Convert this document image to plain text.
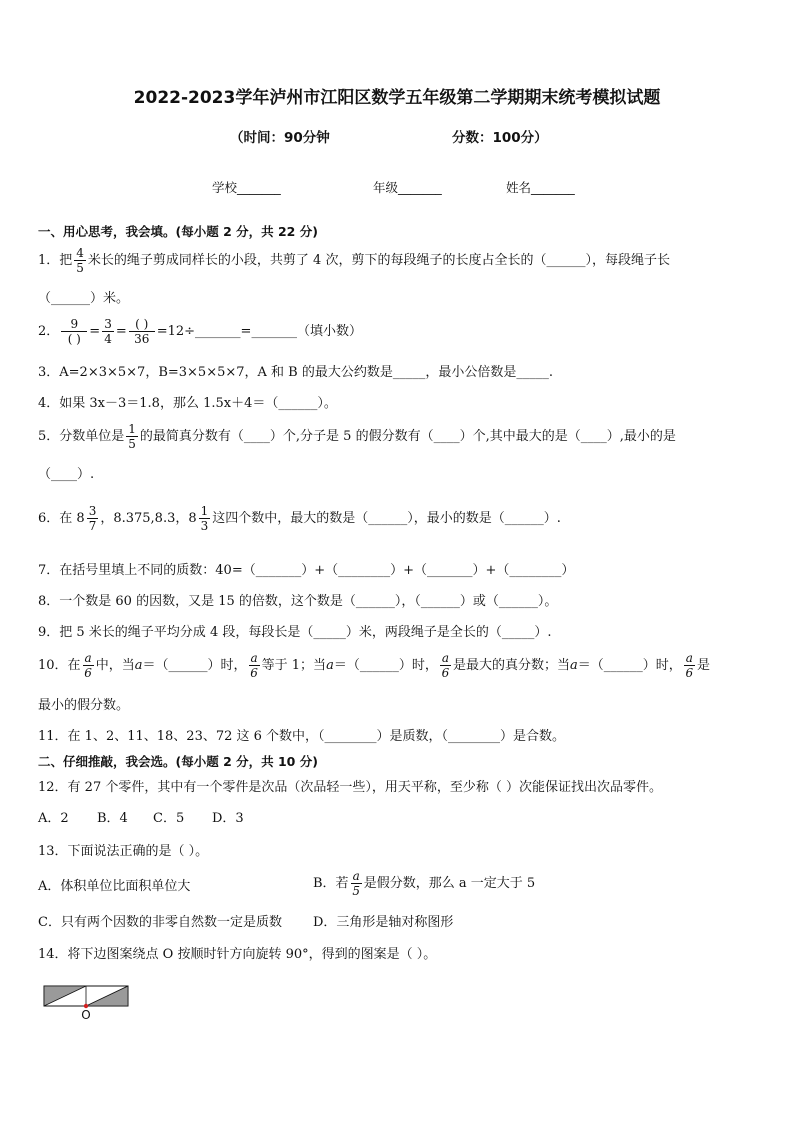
2022-2023学年泸州市江阳区数学五年级第二学期期末统考模拟试题
（时间：90分钟	分数：100分）
学校_______	年级_______	姓名_______
一、用心思考，我会填。(每小题 2 分，共 22 分)
1．把 $\frac{4}{5}$ 米长的绳子剪成同样长的小段，共剪了 4 次，剪下的每段绳子的长度占全长的（______），每段绳子长
（______）米。
2． $\frac{9}{( )} = \frac{3}{4} = \frac{( )}{36}$ =12÷_______=_______（填小数）
3．A=2×3×5×7，B=3×5×5×7，A 和 B 的最大公约数是_____，最小公倍数是_____.
4．如果 3x－3＝1.8，那么 1.5x＋4＝（______）。
5．分数单位是 $\frac{1}{5}$ 的最简真分数有（____）个,分子是 5 的假分数有（____）个,其中最大的是（____）,最小的是
（____）.
6．在 $8 \frac{3}{7}$ ，8.375,8.3，$8 \frac{1}{3}$ 这四个数中，最大的数是（______），最小的数是（______）.
7．在括号里填上不同的质数：40=（_______）+（________）+（_______）+（________）
8．一个数是 60 的因数，又是 15 的倍数，这个数是（______），（______）或（______）。
9．把 5 米长的绳子平均分成 4 段，每段长是（_____）米，两段绳子是全长的（_____）.
10．在 $\frac{a}{6}$ 中，当 a ＝（______）时， $\frac{a}{6}$ 等于 1；当 a ＝（______）时， $\frac{a}{6}$ 是最大的真分数；当 a ＝（______）时， $\frac{a}{6}$ 是
最小的假分数。
11．在 1、2、11、18、23、72 这 6 个数中，（________）是质数，（________）是合数。
二、仔细推敲，我会选。(每小题 2 分，共 10 分)
12．有 27 个零件，其中有一个零件是次品（次品轻一些），用天平称，至少称（ ）次能保证找出次品零件。
A．2 B．4 C．5 D．3
13．下面说法正确的是（ ）。
A．体积单位比面积单位大	B．若 $\frac{a}{5}$ 是假分数，那么 a 一定大于 5
C．只有两个因数的非零自然数一定是质数 D．三角形是轴对称图形
14．将下边图案绕点 O 按顺时针方向旋转 90°，得到的图案是（ ）。
O
